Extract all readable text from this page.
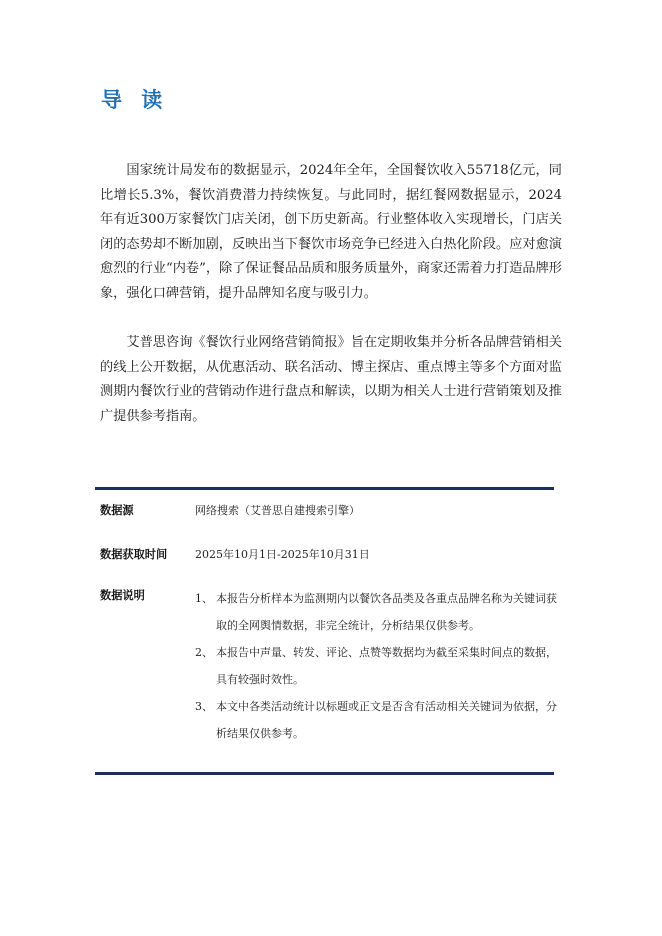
导 读

国家统计局发布的数据显示，2024年全年，全国餐饮收入55718亿元，同比增长5.3%，餐饮消费潜力持续恢复。与此同时，据红餐网数据显示，2024年有近300万家餐饮门店关闭，创下历史新高。行业整体收入实现增长，门店关闭的态势却不断加剧，反映出当下餐饮市场竞争已经进入白热化阶段。应对愈演愈烈的行业“内卷”，除了保证餐品品质和服务质量外，商家还需着力打造品牌形象，强化口碑营销，提升品牌知名度与吸引力。

艾普思咨询《餐饮行业网络营销简报》旨在定期收集并分析各品牌营销相关的线上公开数据，从优惠活动、联名活动、博主探店、重点博主等多个方面对监测期内餐饮行业的营销动作进行盘点和解读，以期为相关人士进行营销策划及推广提供参考指南。

数据源	网络搜索（艾普思自建搜索引擎）
数据获取时间	2025年10月1日-2025年10月31日
数据说明	1、 本报告分析样本为监测期内以餐饮各品类及各重点品牌名称为关键词获取的全网舆情数据，非完全统计，分析结果仅供参考。
2、 本报告中声量、转发、评论、点赞等数据均为截至采集时间点的数据，具有较强时效性。
3、 本文中各类活动统计以标题或正文是否含有活动相关关键词为依据，分析结果仅供参考。
